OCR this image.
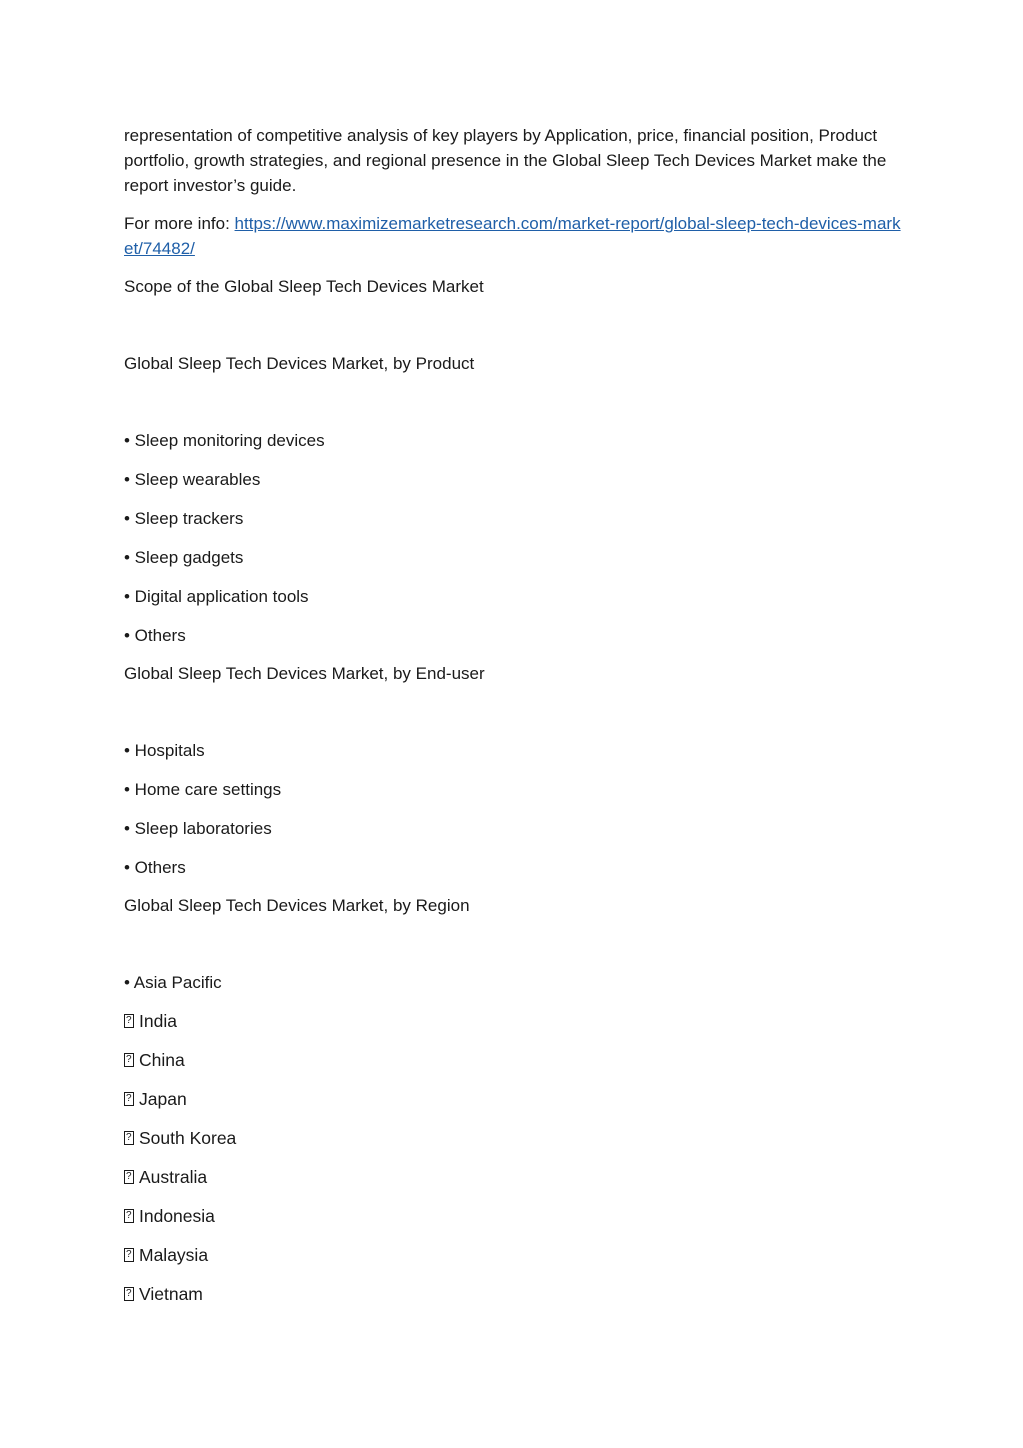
representation of competitive analysis of key players by Application, price, financial position, Product portfolio, growth strategies, and regional presence in the Global Sleep Tech Devices Market make the report investor’s guide.

For more info: https://www.maximizemarketresearch.com/market-report/global-sleep-tech-devices-market/74482/

Scope of the Global Sleep Tech Devices Market

Global Sleep Tech Devices Market, by Product

• Sleep monitoring devices

• Sleep wearables

• Sleep trackers

• Sleep gadgets

• Digital application tools

• Others

Global Sleep Tech Devices Market, by End-user

• Hospitals

• Home care settings

• Sleep laboratories

• Others

Global Sleep Tech Devices Market, by Region

• Asia Pacific

?India

?China

?Japan

?South Korea

?Australia

?Indonesia

?Malaysia

?Vietnam
